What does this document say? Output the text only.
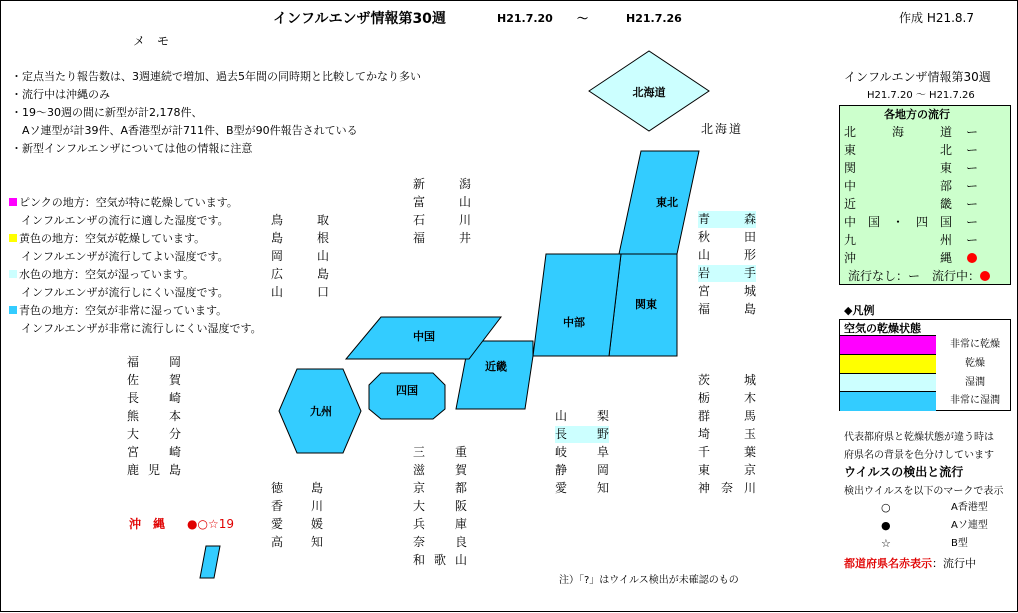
インフルエンザ情報第30週	H21.7.20 ～	H21.7.26	作成 H21.8.7
メ　モ
・定点当たり報告数は、3週連続で増加、過去5年間の同時期と比較してかなり多い
・流行中は沖縄のみ
・19～30週の間に新型が計2,178件、
　Aソ連型が計39件、A香港型が計711件、B型が90件報告されている
・新型インフルエンザについては他の情報に注意
ピンクの地方：空気が特に乾燥しています。
インフルエンザの流行に適した湿度です。
黄色の地方：空気が乾燥しています。
インフルエンザが流行してよい湿度です。
水色の地方：空気が湿っています。
インフルエンザが流行しにくい湿度です。
青色の地方：空気が非常に湿っています。
インフルエンザが非常に流行しにくい湿度です。
北海道
東北
関東
中部
近畿
中国
四国
九州
北海道
青森
秋田
山形
岩手
宮城
福島
新潟
富山
石川
福井
鳥取
島根
岡山
広島
山口
福岡
佐賀
長崎
熊本
大分
宮崎
鹿児島
茨城
栃木
群馬
埼玉
千葉
東京
神奈川
山梨
長野
岐阜
静岡
愛知
三重
滋賀
京都
大阪
兵庫
奈良
和歌山
徳島
香川
愛媛
高知
沖　縄 ●○☆19
注）「?」はウイルス検出が未確認のもの
インフルエンザ情報第30週
H21.7.20 ～ H21.7.26
各地方の流行
北海道	ー
東北	ー
関東	ー
中部	ー
近畿	ー
中国・四国	ー
九州	ー
沖縄
流行なし：ー　流行中：
◆凡例
空気の乾燥状態
非常に乾燥
乾燥
湿潤
非常に湿潤
代表都府県と乾燥状態が違う時は
府県名の背景を色分けしています
ウイルスの検出と流行
検出ウイルスを以下のマークで表示
○	A香港型
●	Aソ連型
☆	B型
都道府県名赤表示：流行中
